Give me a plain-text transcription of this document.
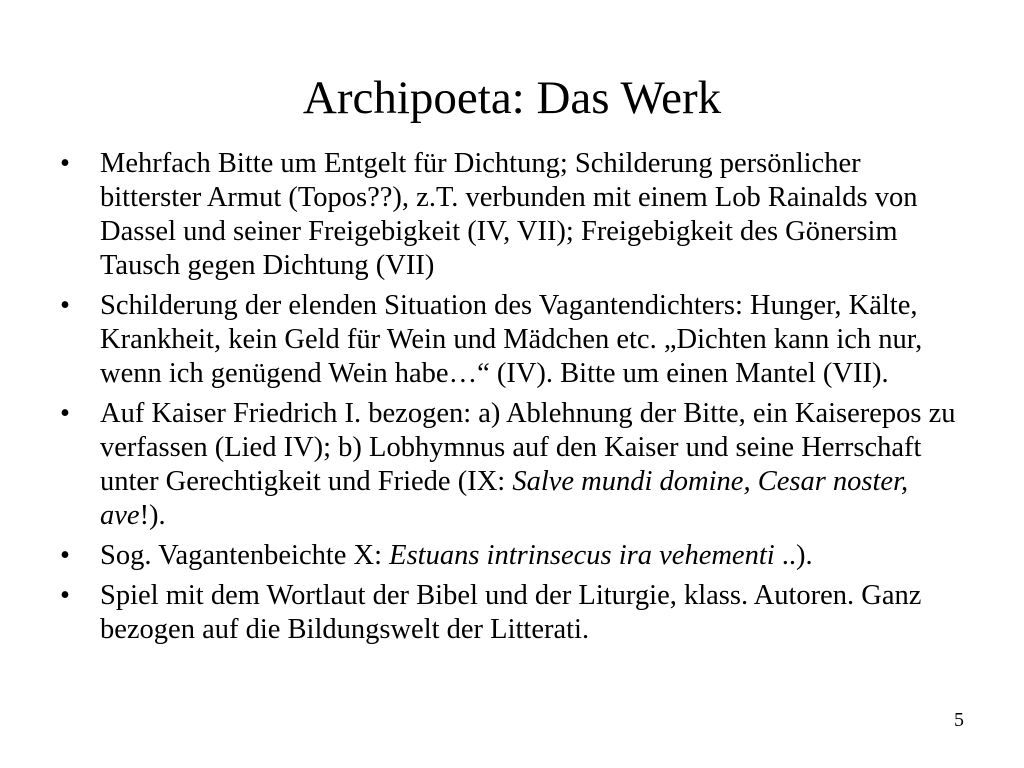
Archipoeta: Das Werk
•	Mehrfach Bitte um Entgelt für Dichtung; Schilderung persönlicher bitterster Armut (Topos??), z.T. verbunden mit einem Lob Rainalds von Dassel und seiner Freigebigkeit (IV, VII); Freigebigkeit des Gönersim Tausch gegen Dichtung (VII)
•	Schilderung der elenden Situation des Vagantendichters: Hunger, Kälte, Krankheit, kein Geld für Wein und Mädchen etc. „Dichten kann ich nur, wenn ich genügend Wein habe…“ (IV). Bitte um einen Mantel (VII).
•	Auf Kaiser Friedrich I. bezogen: a) Ablehnung der Bitte, ein Kaiserepos zu verfassen (Lied IV); b) Lobhymnus auf den Kaiser und seine Herrschaft unter Gerechtigkeit und Friede (IX: Salve mundi domine, Cesar noster, ave!).
•	Sog. Vagantenbeichte X: Estuans intrinsecus ira vehementi ..).
•	Spiel mit dem Wortlaut der Bibel und der Liturgie, klass. Autoren. Ganz bezogen auf die Bildungswelt der Litterati.
5
